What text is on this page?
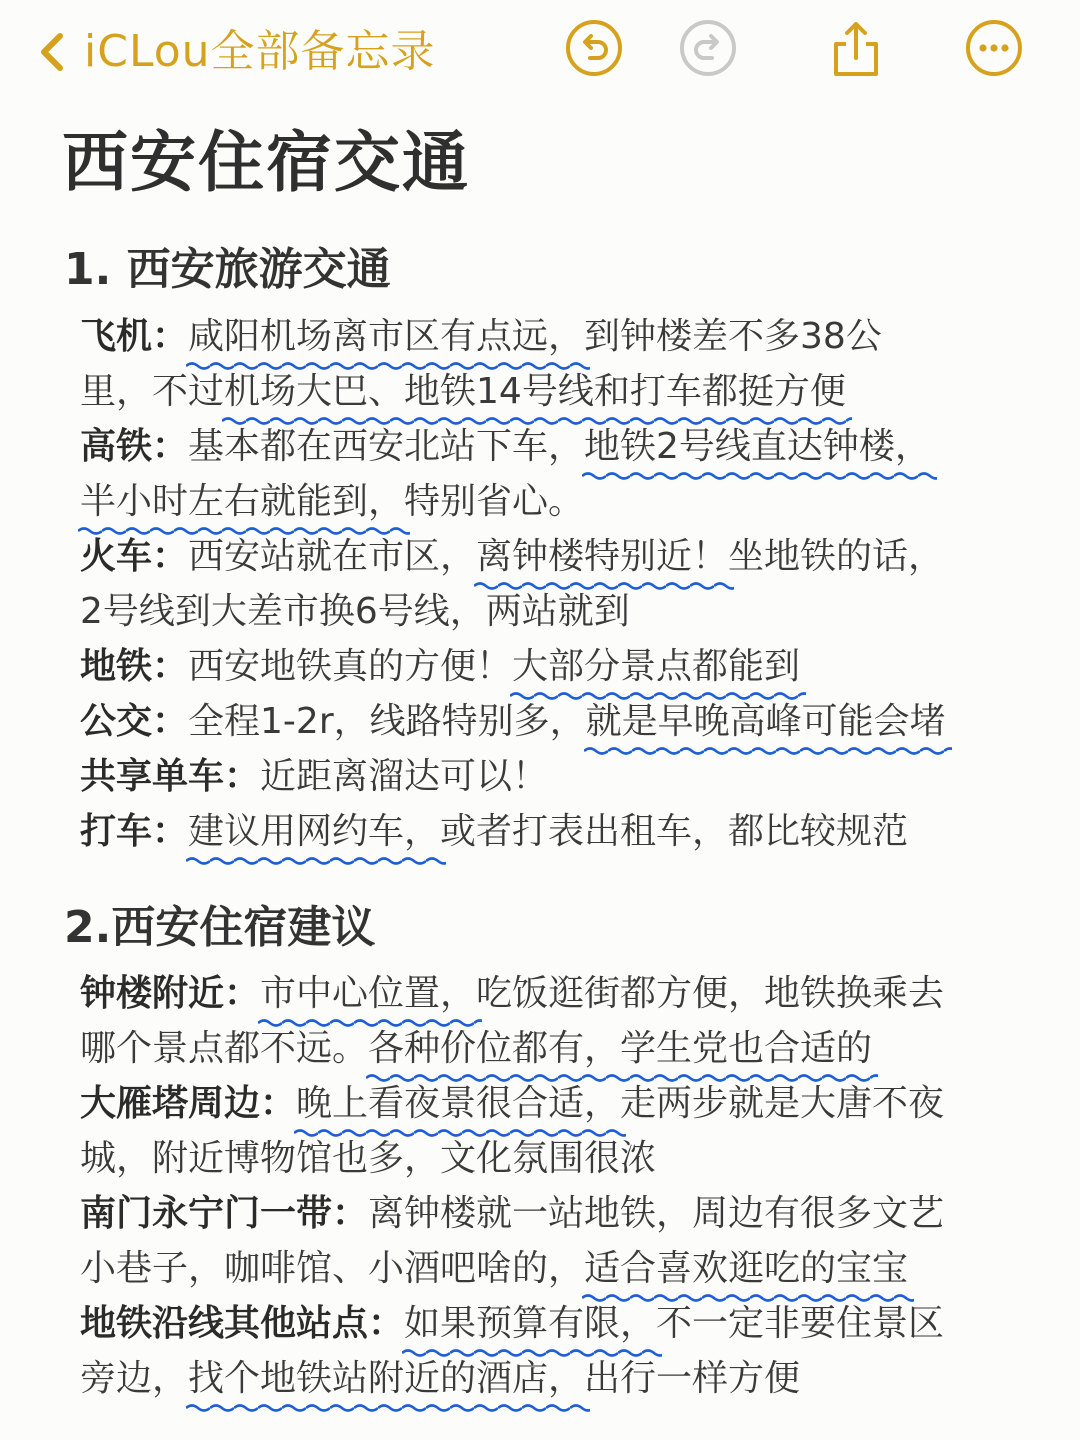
iCLou全部备忘录
西安住宿交通
1. 西安旅游交通
飞机：咸阳机场离市区有点远，到钟楼差不多38公
里，不过机场大巴、地铁14号线和打车都挺方便
高铁：基本都在西安北站下车，地铁2号线直达钟楼，
半小时左右就能到，特别省心。
火车：西安站就在市区，离钟楼特别近！坐地铁的话，
2号线到大差市换6号线，两站就到
地铁：西安地铁真的方便！大部分景点都能到
公交：全程1-2r，线路特别多，就是早晚高峰可能会堵
共享单车：近距离溜达可以！
打车：建议用网约车，或者打表出租车，都比较规范
2.西安住宿建议
钟楼附近：市中心位置，吃饭逛街都方便，地铁换乘去
哪个景点都不远。各种价位都有，学生党也合适的
大雁塔周边：晚上看夜景很合适，走两步就是大唐不夜
城，附近博物馆也多，文化氛围很浓
南门永宁门一带：离钟楼就一站地铁，周边有很多文艺
小巷子，咖啡馆、小酒吧啥的，适合喜欢逛吃的宝宝
地铁沿线其他站点：如果预算有限，不一定非要住景区
旁边，找个地铁站附近的酒店，出行一样方便
